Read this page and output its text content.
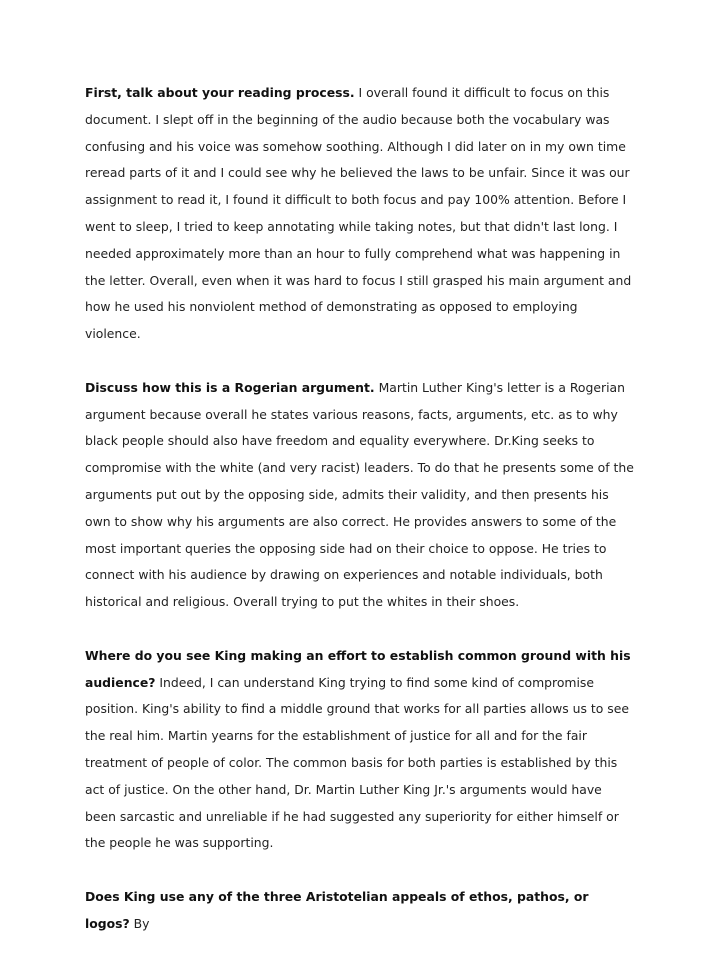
First, talk about your reading process. I overall found it difficult to focus on this document. I slept off in the beginning of the audio because both the vocabulary was confusing and his voice was somehow soothing. Although I did later on in my own time reread parts of it and I could see why he believed the laws to be unfair. Since it was our assignment to read it, I found it difficult to both focus and pay 100% attention. Before I went to sleep, I tried to keep annotating while taking notes, but that didn't last long. I needed approximately more than an hour to fully comprehend what was happening in the letter. Overall, even when it was hard to focus I still grasped his main argument and how he used his nonviolent method of demonstrating as opposed to employing violence.

Discuss how this is a Rogerian argument. Martin Luther King's letter is a Rogerian argument because overall he states various reasons, facts, arguments, etc. as to why black people should also have freedom and equality everywhere. Dr.King seeks to compromise with the white (and very racist) leaders. To do that he presents some of the arguments put out by the opposing side, admits their validity, and then presents his own to show why his arguments are also correct. He provides answers to some of the most important queries the opposing side had on their choice to oppose. He tries to connect with his audience by drawing on experiences and notable individuals, both historical and religious. Overall trying to put the whites in their shoes.

Where do you see King making an effort to establish common ground with his audience? Indeed, I can understand King trying to find some kind of compromise position. King's ability to find a middle ground that works for all parties allows us to see the real him. Martin yearns for the establishment of justice for all and for the fair treatment of people of color. The common basis for both parties is established by this act of justice. On the other hand, Dr. Martin Luther King Jr.'s arguments would have been sarcastic and unreliable if he had suggested any superiority for either himself or the people he was supporting.

Does King use any of the three Aristotelian appeals of ethos, pathos, or logos? By
